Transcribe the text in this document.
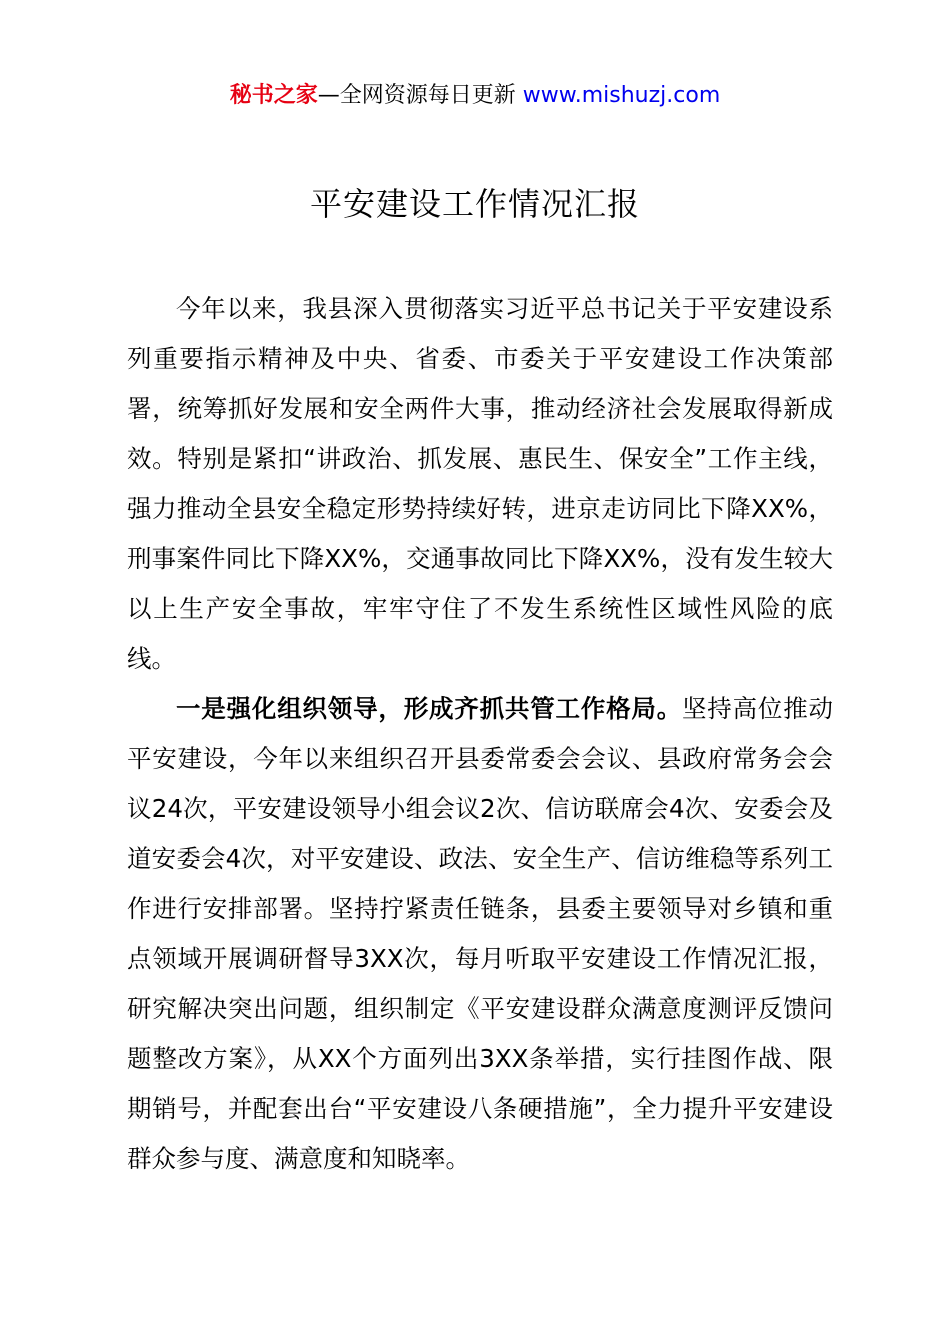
秘书之家—全网资源每日更新 www.mishuzj.com
平安建设工作情况汇报

今年以来，我县深入贯彻落实习近平总书记关于平安建设系列重要指示精神及中央、省委、市委关于平安建设工作决策部署，统筹抓好发展和安全两件大事，推动经济社会发展取得新成效。特别是紧扣“讲政治、抓发展、惠民生、保安全”工作主线，强力推动全县安全稳定形势持续好转，进京走访同比下降XX%，刑事案件同比下降XX%，交通事故同比下降XX%，没有发生较大以上生产安全事故，牢牢守住了不发生系统性区域性风险的底线。

一是强化组织领导，形成齐抓共管工作格局。坚持高位推动平安建设，今年以来组织召开县委常委会会议、县政府常务会会议24次，平安建设领导小组会议2次、信访联席会4次、安委会及道安委会4次，对平安建设、政法、安全生产、信访维稳等系列工作进行安排部署。坚持拧紧责任链条，县委主要领导对乡镇和重点领域开展调研督导3XX次，每月听取平安建设工作情况汇报，研究解决突出问题，组织制定《平安建设群众满意度测评反馈问题整改方案》，从XX个方面列出3XX条举措，实行挂图作战、限期销号，并配套出台“平安建设八条硬措施”，全力提升平安建设群众参与度、满意度和知晓率。
